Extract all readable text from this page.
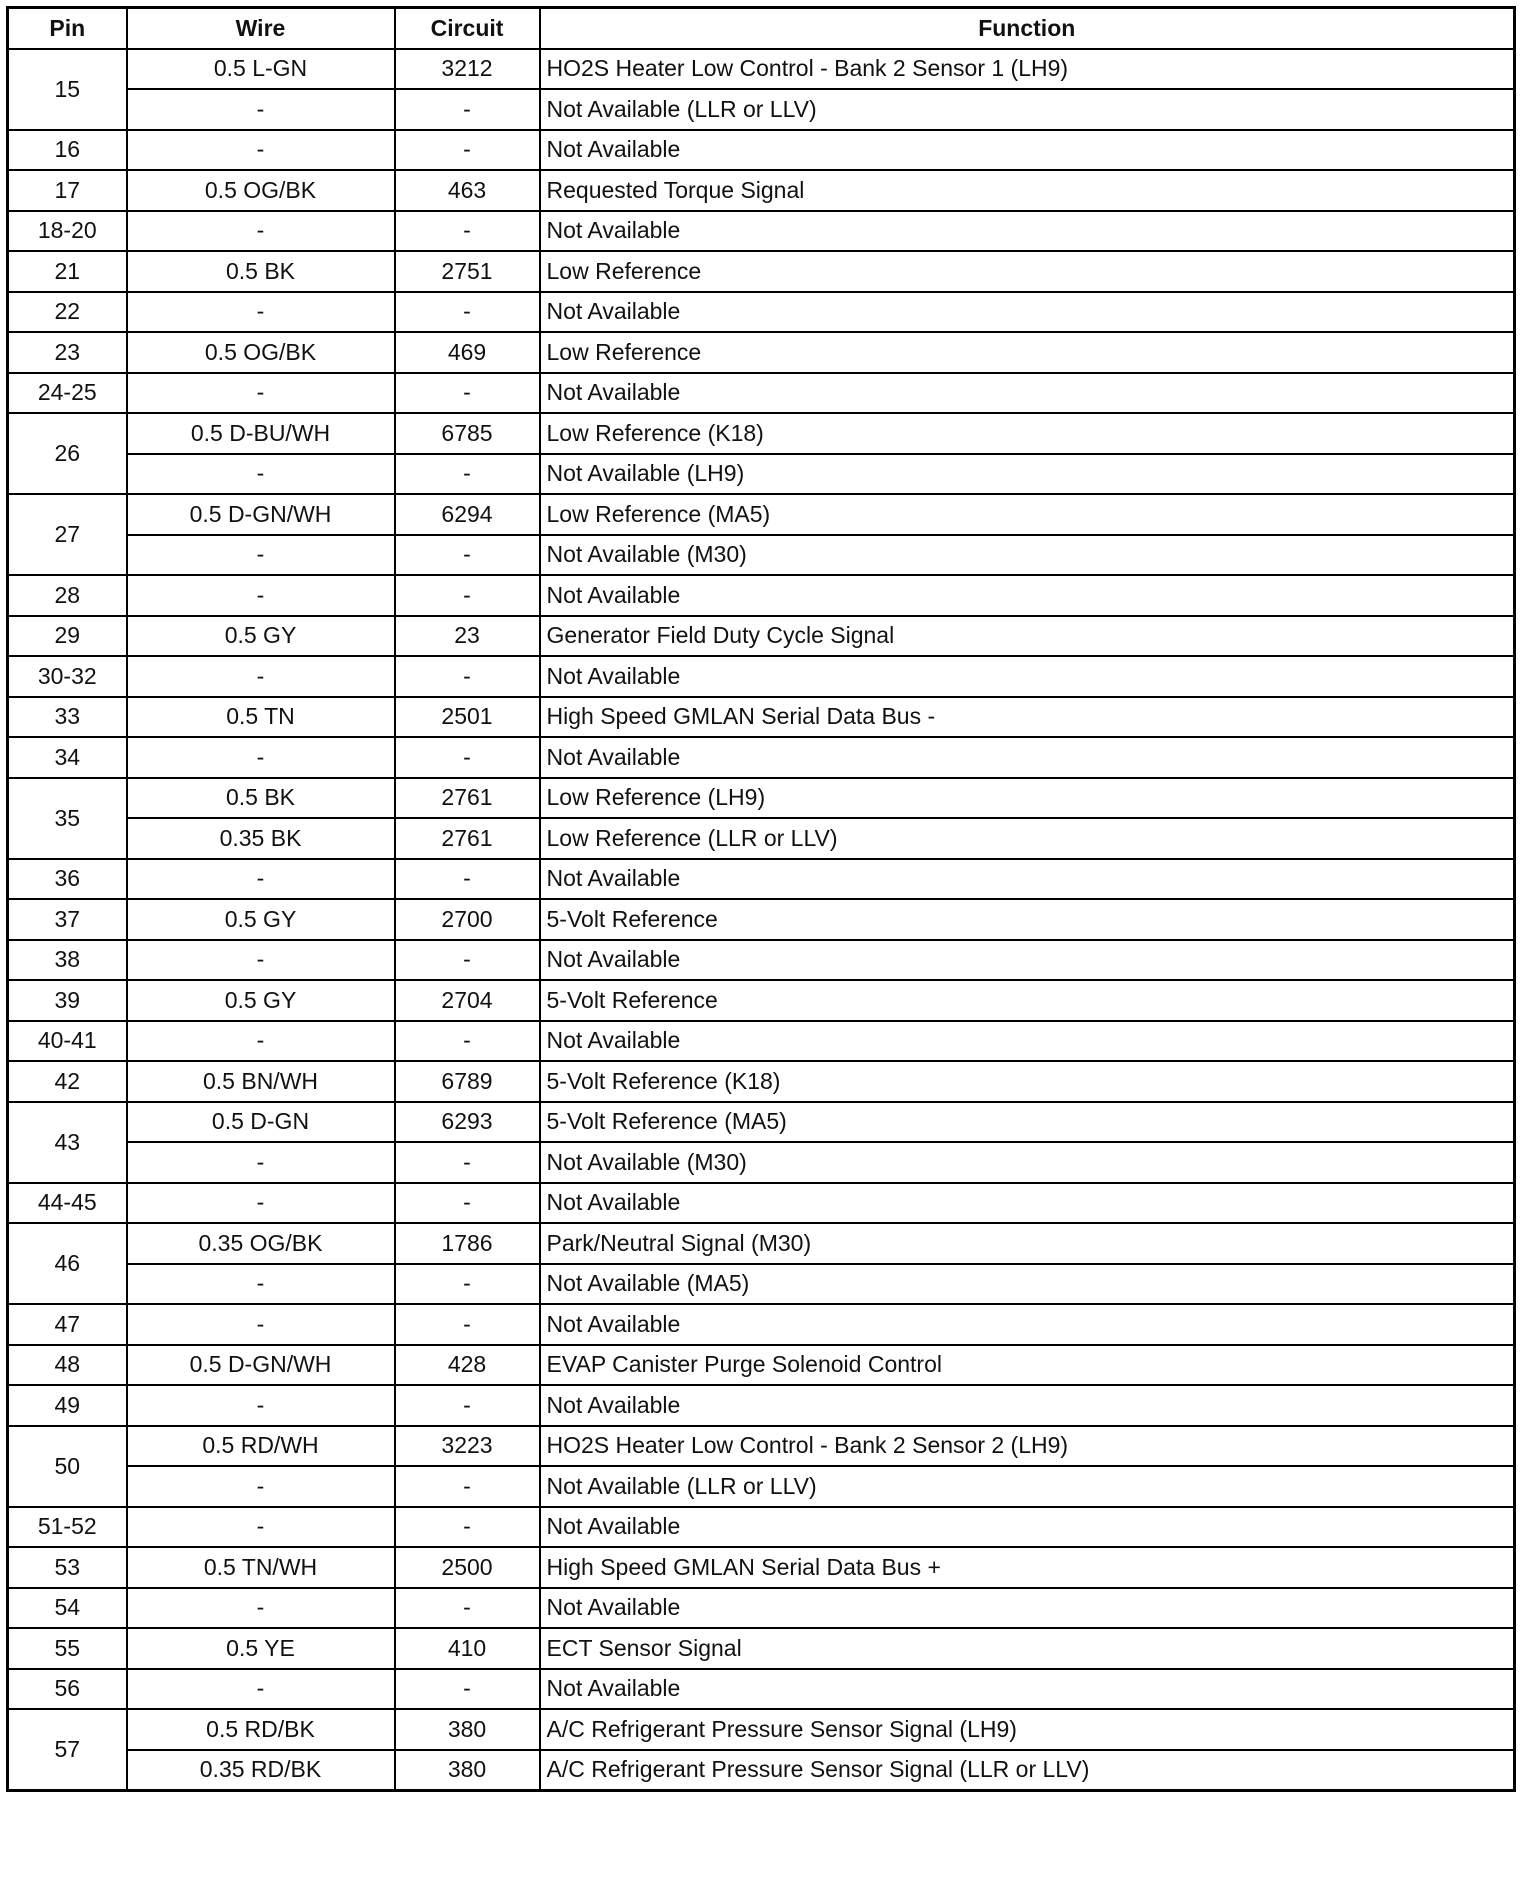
Pin	Wire	Circuit	Function
15	0.5 L-GN	3212	HO2S Heater Low Control - Bank 2 Sensor 1 (LH9)
	-	-	Not Available (LLR or LLV)
16	-	-	Not Available
17	0.5 OG/BK	463	Requested Torque Signal
18-20	-	-	Not Available
21	0.5 BK	2751	Low Reference
22	-	-	Not Available
23	0.5 OG/BK	469	Low Reference
24-25	-	-	Not Available
26	0.5 D-BU/WH	6785	Low Reference (K18)
	-	-	Not Available (LH9)
27	0.5 D-GN/WH	6294	Low Reference (MA5)
	-	-	Not Available (M30)
28	-	-	Not Available
29	0.5 GY	23	Generator Field Duty Cycle Signal
30-32	-	-	Not Available
33	0.5 TN	2501	High Speed GMLAN Serial Data Bus -
34	-	-	Not Available
35	0.5 BK	2761	Low Reference (LH9)
	0.35 BK	2761	Low Reference (LLR or LLV)
36	-	-	Not Available
37	0.5 GY	2700	5-Volt Reference
38	-	-	Not Available
39	0.5 GY	2704	5-Volt Reference
40-41	-	-	Not Available
42	0.5 BN/WH	6789	5-Volt Reference (K18)
43	0.5 D-GN	6293	5-Volt Reference (MA5)
	-	-	Not Available (M30)
44-45	-	-	Not Available
46	0.35 OG/BK	1786	Park/Neutral Signal (M30)
	-	-	Not Available (MA5)
47	-	-	Not Available
48	0.5 D-GN/WH	428	EVAP Canister Purge Solenoid Control
49	-	-	Not Available
50	0.5 RD/WH	3223	HO2S Heater Low Control - Bank 2 Sensor 2 (LH9)
	-	-	Not Available (LLR or LLV)
51-52	-	-	Not Available
53	0.5 TN/WH	2500	High Speed GMLAN Serial Data Bus +
54	-	-	Not Available
55	0.5 YE	410	ECT Sensor Signal
56	-	-	Not Available
57	0.5 RD/BK	380	A/C Refrigerant Pressure Sensor Signal (LH9)
	0.35 RD/BK	380	A/C Refrigerant Pressure Sensor Signal (LLR or LLV)
